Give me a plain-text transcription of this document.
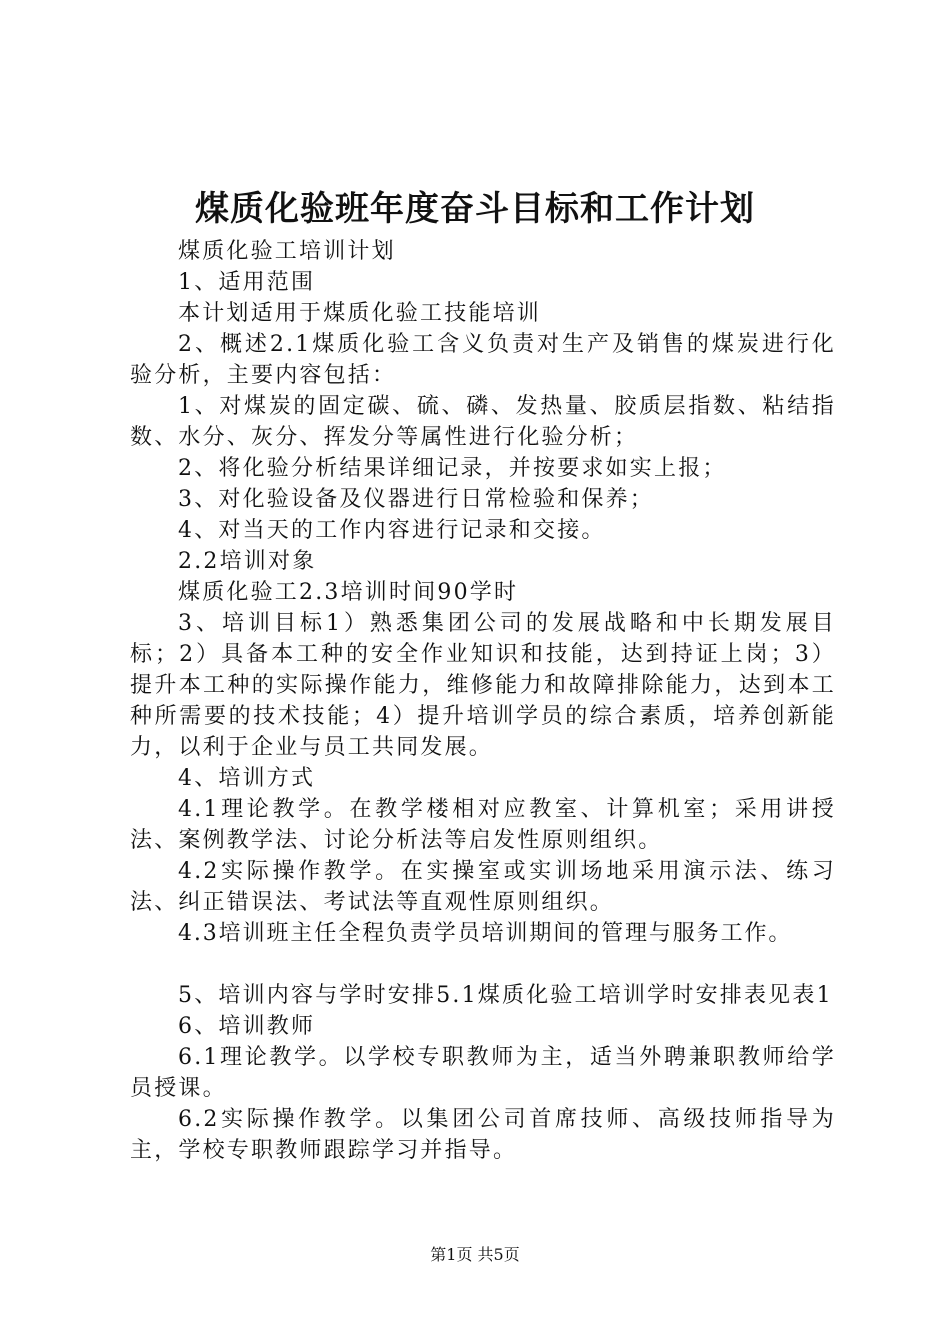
煤质化验班年度奋斗目标和工作计划

煤质化验工培训计划

1、适用范围

本计划适用于煤质化验工技能培训

2、概述2.1煤质化验工含义负责对生产及销售的煤炭进行化验分析，主要内容包括：

1、对煤炭的固定碳、硫、磷、发热量、胶质层指数、粘结指数、水分、灰分、挥发分等属性进行化验分析；

2、将化验分析结果详细记录，并按要求如实上报；

3、对化验设备及仪器进行日常检验和保养；

4、对当天的工作内容进行记录和交接。

2.2培训对象

煤质化验工2.3培训时间90学时

3、培训目标1）熟悉集团公司的发展战略和中长期发展目标；2）具备本工种的安全作业知识和技能，达到持证上岗；3）提升本工种的实际操作能力，维修能力和故障排除能力，达到本工种所需要的技术技能；4）提升培训学员的综合素质，培养创新能力，以利于企业与员工共同发展。

4、培训方式

4.1理论教学。在教学楼相对应教室、计算机室；采用讲授法、案例教学法、讨论分析法等启发性原则组织。

4.2实际操作教学。在实操室或实训场地采用演示法、练习法、纠正错误法、考试法等直观性原则组织。

4.3培训班主任全程负责学员培训期间的管理与服务工作。

5、培训内容与学时安排5.1煤质化验工培训学时安排表见表1

6、培训教师

6.1理论教学。以学校专职教师为主，适当外聘兼职教师给学员授课。

6.2实际操作教学。以集团公司首席技师、高级技师指导为主，学校专职教师跟踪学习并指导。

第1页 共5页
